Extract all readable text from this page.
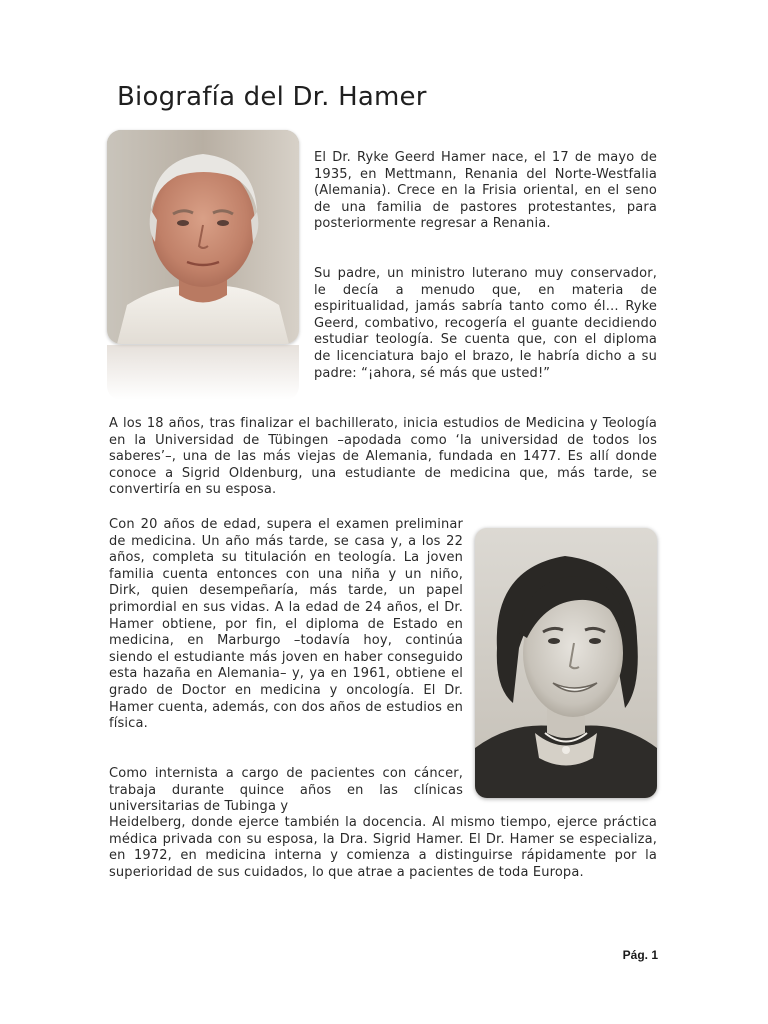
Biografía del Dr. Hamer

El Dr. Ryke Geerd Hamer nace, el 17 de mayo de 1935, en Mettmann, Renania del Norte-Westfalia (Alemania). Crece en la Frisia oriental, en el seno de una familia de pastores protestantes, para posteriormente regresar a Renania.

Su padre, un ministro luterano muy conservador, le decía a menudo que, en materia de espiritualidad, jamás sabría tanto como él… Ryke Geerd, combativo, recogería el guante decidiendo estudiar teología. Se cuenta que, con el diploma de licenciatura bajo el brazo, le habría dicho a su padre: “¡ahora, sé más que usted!”

A los 18 años, tras finalizar el bachillerato, inicia estudios de Medicina y Teología en la Universidad de Tübingen –apodada como ‘la universidad de todos los saberes’–, una de las más viejas de Alemania, fundada en 1477. Es allí donde conoce a Sigrid Oldenburg, una estudiante de medicina que, más tarde, se convertiría en su esposa.

Con 20 años de edad, supera el examen preliminar de medicina. Un año más tarde, se casa y, a los 22 años, completa su titulación en teología. La joven familia cuenta entonces con una niña y un niño, Dirk, quien desempeñaría, más tarde, un papel primordial en sus vidas. A la edad de 24 años, el Dr. Hamer obtiene, por fin, el diploma de Estado en medicina, en Marburgo –todavía hoy, continúa siendo el estudiante más joven en haber conseguido esta hazaña en Alemania– y, ya en 1961, obtiene el grado de Doctor en medicina y oncología. El Dr. Hamer cuenta, además, con dos años de estudios en física.

Como internista a cargo de pacientes con cáncer, trabaja durante quince años en las clínicas universitarias de Tubinga y

Heidelberg, donde ejerce también la docencia. Al mismo tiempo, ejerce práctica médica privada con su esposa, la Dra. Sigrid Hamer. El Dr. Hamer se especializa, en 1972, en medicina interna y comienza a distinguirse rápidamente por la superioridad de sus cuidados, lo que atrae a pacientes de toda Europa.

Pág. 1
